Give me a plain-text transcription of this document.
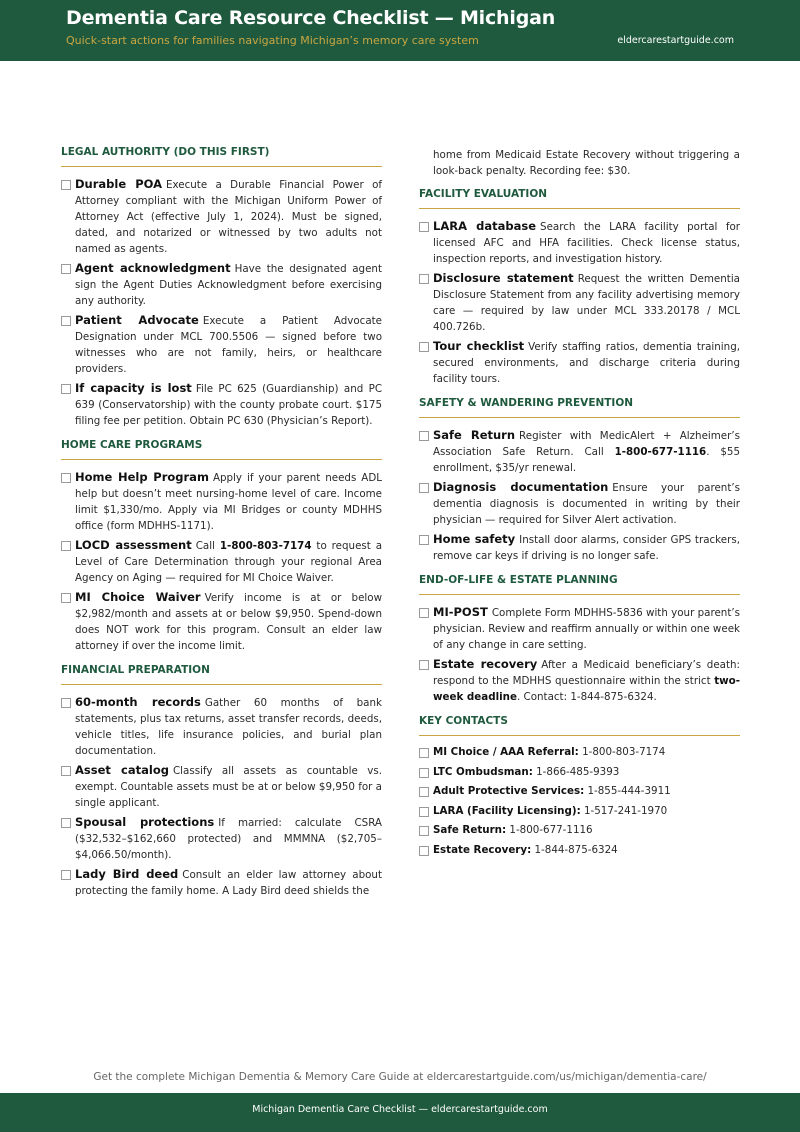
Dementia Care Resource Checklist — Michigan
Quick-start actions for families navigating Michigan’s memory care system	eldercarestartguide.com
LEGAL AUTHORITY (DO THIS FIRST)
Durable POA Execute a Durable Financial Power of Attorney compliant with the Michigan Uniform Power of Attorney Act (effective July 1, 2024). Must be signed, dated, and notarized or witnessed by two adults not named as agents.
Agent acknowledgment Have the designated agent sign the Agent Duties Acknowledgment before exercising any authority.
Patient Advocate Execute a Patient Advocate Designation under MCL 700.5506 — signed before two witnesses who are not family, heirs, or healthcare providers.
If capacity is lost File PC 625 (Guardianship) and PC 639 (Conservatorship) with the county probate court. $175 filing fee per petition. Obtain PC 630 (Physician’s Report).
HOME CARE PROGRAMS
Home Help Program Apply if your parent needs ADL help but doesn’t meet nursing-home level of care. Income limit $1,330/mo. Apply via MI Bridges or county MDHHS office (form MDHHS-1171).
LOCD assessment Call 1-800-803-7174 to request a Level of Care Determination through your regional Area Agency on Aging — required for MI Choice Waiver.
MI Choice Waiver Verify income is at or below $2,982/month and assets at or below $9,950. Spend-down does NOT work for this program. Consult an elder law attorney if over the income limit.
FINANCIAL PREPARATION
60-month records Gather 60 months of bank statements, plus tax returns, asset transfer records, deeds, vehicle titles, life insurance policies, and burial plan documentation.
Asset catalog Classify all assets as countable vs. exempt. Countable assets must be at or below $9,950 for a single applicant.
Spousal protections If married: calculate CSRA ($32,532–$162,660 protected) and MMMNA ($2,705–$4,066.50/month).
Lady Bird deed Consult an elder law attorney about protecting the family home. A Lady Bird deed shields the
home from Medicaid Estate Recovery without triggering a look-back penalty. Recording fee: $30.
FACILITY EVALUATION
LARA database Search the LARA facility portal for licensed AFC and HFA facilities. Check license status, inspection reports, and investigation history.
Disclosure statement Request the written Dementia Disclosure Statement from any facility advertising memory care — required by law under MCL 333.20178 / MCL 400.726b.
Tour checklist Verify staffing ratios, dementia training, secured environments, and discharge criteria during facility tours.
SAFETY & WANDERING PREVENTION
Safe Return Register with MedicAlert + Alzheimer’s Association Safe Return. Call 1-800-677-1116. $55 enrollment, $35/yr renewal.
Diagnosis documentation Ensure your parent’s dementia diagnosis is documented in writing by their physician — required for Silver Alert activation.
Home safety Install door alarms, consider GPS trackers, remove car keys if driving is no longer safe.
END-OF-LIFE & ESTATE PLANNING
MI-POST Complete Form MDHHS-5836 with your parent’s physician. Review and reaffirm annually or within one week of any change in care setting.
Estate recovery After a Medicaid beneficiary’s death: respond to the MDHHS questionnaire within the strict two-week deadline. Contact: 1-844-875-6324.
KEY CONTACTS
MI Choice / AAA Referral: 1-800-803-7174
LTC Ombudsman: 1-866-485-9393
Adult Protective Services: 1-855-444-3911
LARA (Facility Licensing): 1-517-241-1970
Safe Return: 1-800-677-1116
Estate Recovery: 1-844-875-6324
Get the complete Michigan Dementia & Memory Care Guide at eldercarestartguide.com/us/michigan/dementia-care/
Michigan Dementia Care Checklist — eldercarestartguide.com
